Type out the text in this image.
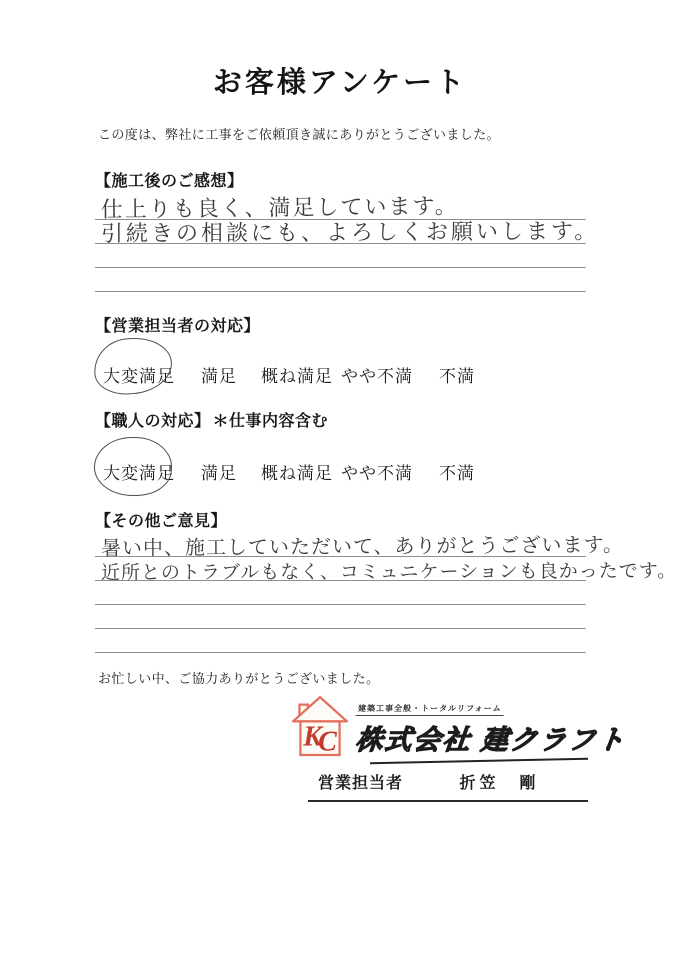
お客様アンケート
この度は、弊社に工事をご依頼頂き誠にありがとうございました。
【施工後のご感想】
仕上りも良く、満足しています。
引続きの相談にも、よろしくお願いします。
【営業担当者の対応】
大変満足 満足 概ね満足 やや不満 不満
【職人の対応】 ＊仕事内容含む
大変満足 満足 概ね満足 やや不満 不満
【その他ご意見】
暑い中、施工していただいて、ありがとうございます。
近所とのトラブルもなく、コミュニケーションも良かったです。
お忙しい中、ご協力ありがとうございました。
K
C
建築工事全般・トータルリフォーム
株式会社 建クラフト
営業担当者	折笠　剛
